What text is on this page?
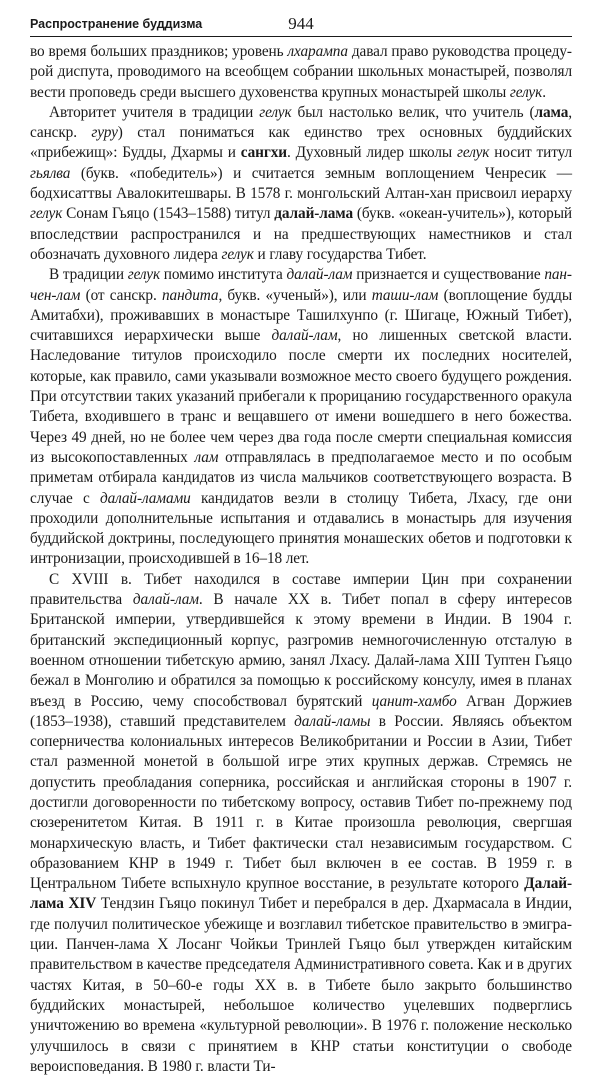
Распространение буддизма	944

во время больших праздников; уровень лхарампа давал право руководства процедурой диспута, проводимого на всеобщем собрании школьных монастырей, позволял вести проповедь среди высшего духовенства крупных монастырей школы гелук.

Авторитет учителя в традиции гелук был настолько велик, что учитель (лама, санскр. гуру) стал пониматься как единство трех основных буддийских «прибежищ»: Будды, Дхармы и сангхи. Духовный лидер школы гелук носит титул гьялва (букв. «победитель») и считается земным воплощением Ченресик — бодхисаттвы Авалокитешвары. В 1578 г. монгольский Алтан-хан присвоил иерарху гелук Сонам Гьяцо (1543–1588) титул далай-лама (букв. «океан-учитель»), который впоследствии распространился и на предшествующих наместников и стал обозначать духовного лидера гелук и главу государства Тибет.

В традиции гелук помимо института далай-лам признается и существование панчен-лам (от санскр. пандита, букв. «ученый»), или таши-лам (воплощение будды Амитабхи), проживавших в монастыре Ташилхунпо (г. Шигаце, Южный Тибет), считавшихся иерархически выше далай-лам, но лишенных светской власти. Наследование титулов происходило после смерти их последних носителей, которые, как правило, сами указывали возможное место своего будущего рождения. При отсутствии таких указаний прибегали к прорицанию государственного оракула Тибета, входившего в транс и вещавшего от имени вошедшего в него божества. Через 49 дней, но не более чем через два года после смерти специальная комиссия из высокопоставленных лам отправлялась в предполагаемое место и по особым приметам отбирала кандидатов из числа мальчиков соответствующего возраста. В случае с далай-ламами кандидатов везли в столицу Тибета, Лхасу, где они проходили дополнительные испытания и отдавались в монастырь для изучения буддийской доктрины, последующего принятия монашеских обетов и подготовки к интронизации, происходившей в 16–18 лет.

С XVIII в. Тибет находился в составе империи Цин при сохранении правительства далай-лам. В начале XX в. Тибет попал в сферу интересов Британской империи, утвердившейся к этому времени в Индии. В 1904 г. британский экспедиционный корпус, разгромив немногочисленную отсталую в военном отношении тибетскую армию, занял Лхасу. Далай-лама XIII Туптен Гьяцо бежал в Монголию и обратился за помощью к российскому консулу, имея в планах въезд в Россию, чему способствовал бурятский цанит-хамбо Агван Доржиев (1853–1938), ставший представителем далай-ламы в России. Являясь объектом соперничества колониальных интересов Великобритании и России в Азии, Тибет стал разменной монетой в большой игре этих крупных держав. Стремясь не допустить преобладания соперника, российская и английская стороны в 1907 г. достигли договоренности по тибетскому вопросу, оставив Тибет по-прежнему под сюзеренитетом Китая. В 1911 г. в Китае произошла революция, свергшая монархическую власть, и Тибет фактически стал независимым государством. С образованием КНР в 1949 г. Тибет был включен в ее состав. В 1959 г. в Центральном Тибете вспыхнуло крупное восстание, в результате которого Далай-лама XIV Тендзин Гьяцо покинул Тибет и перебрался в дер. Дхармасала в Индии, где получил политическое убежище и возглавил тибетское правительство в эмиграции. Панчен-лама X Лосанг Чойкьи Тринлей Гьяцо был утвержден китайским правительством в качестве председателя Административного совета. Как и в других частях Китая, в 50–60-е годы XX в. в Тибете было закрыто большинство буддийских монастырей, небольшое количество уцелевших подверглись уничтожению во времена «культурной революции». В 1976 г. положение несколько улучшилось в связи с принятием в КНР статьи конституции о свободе вероисповедания. В 1980 г. власти Ти-
